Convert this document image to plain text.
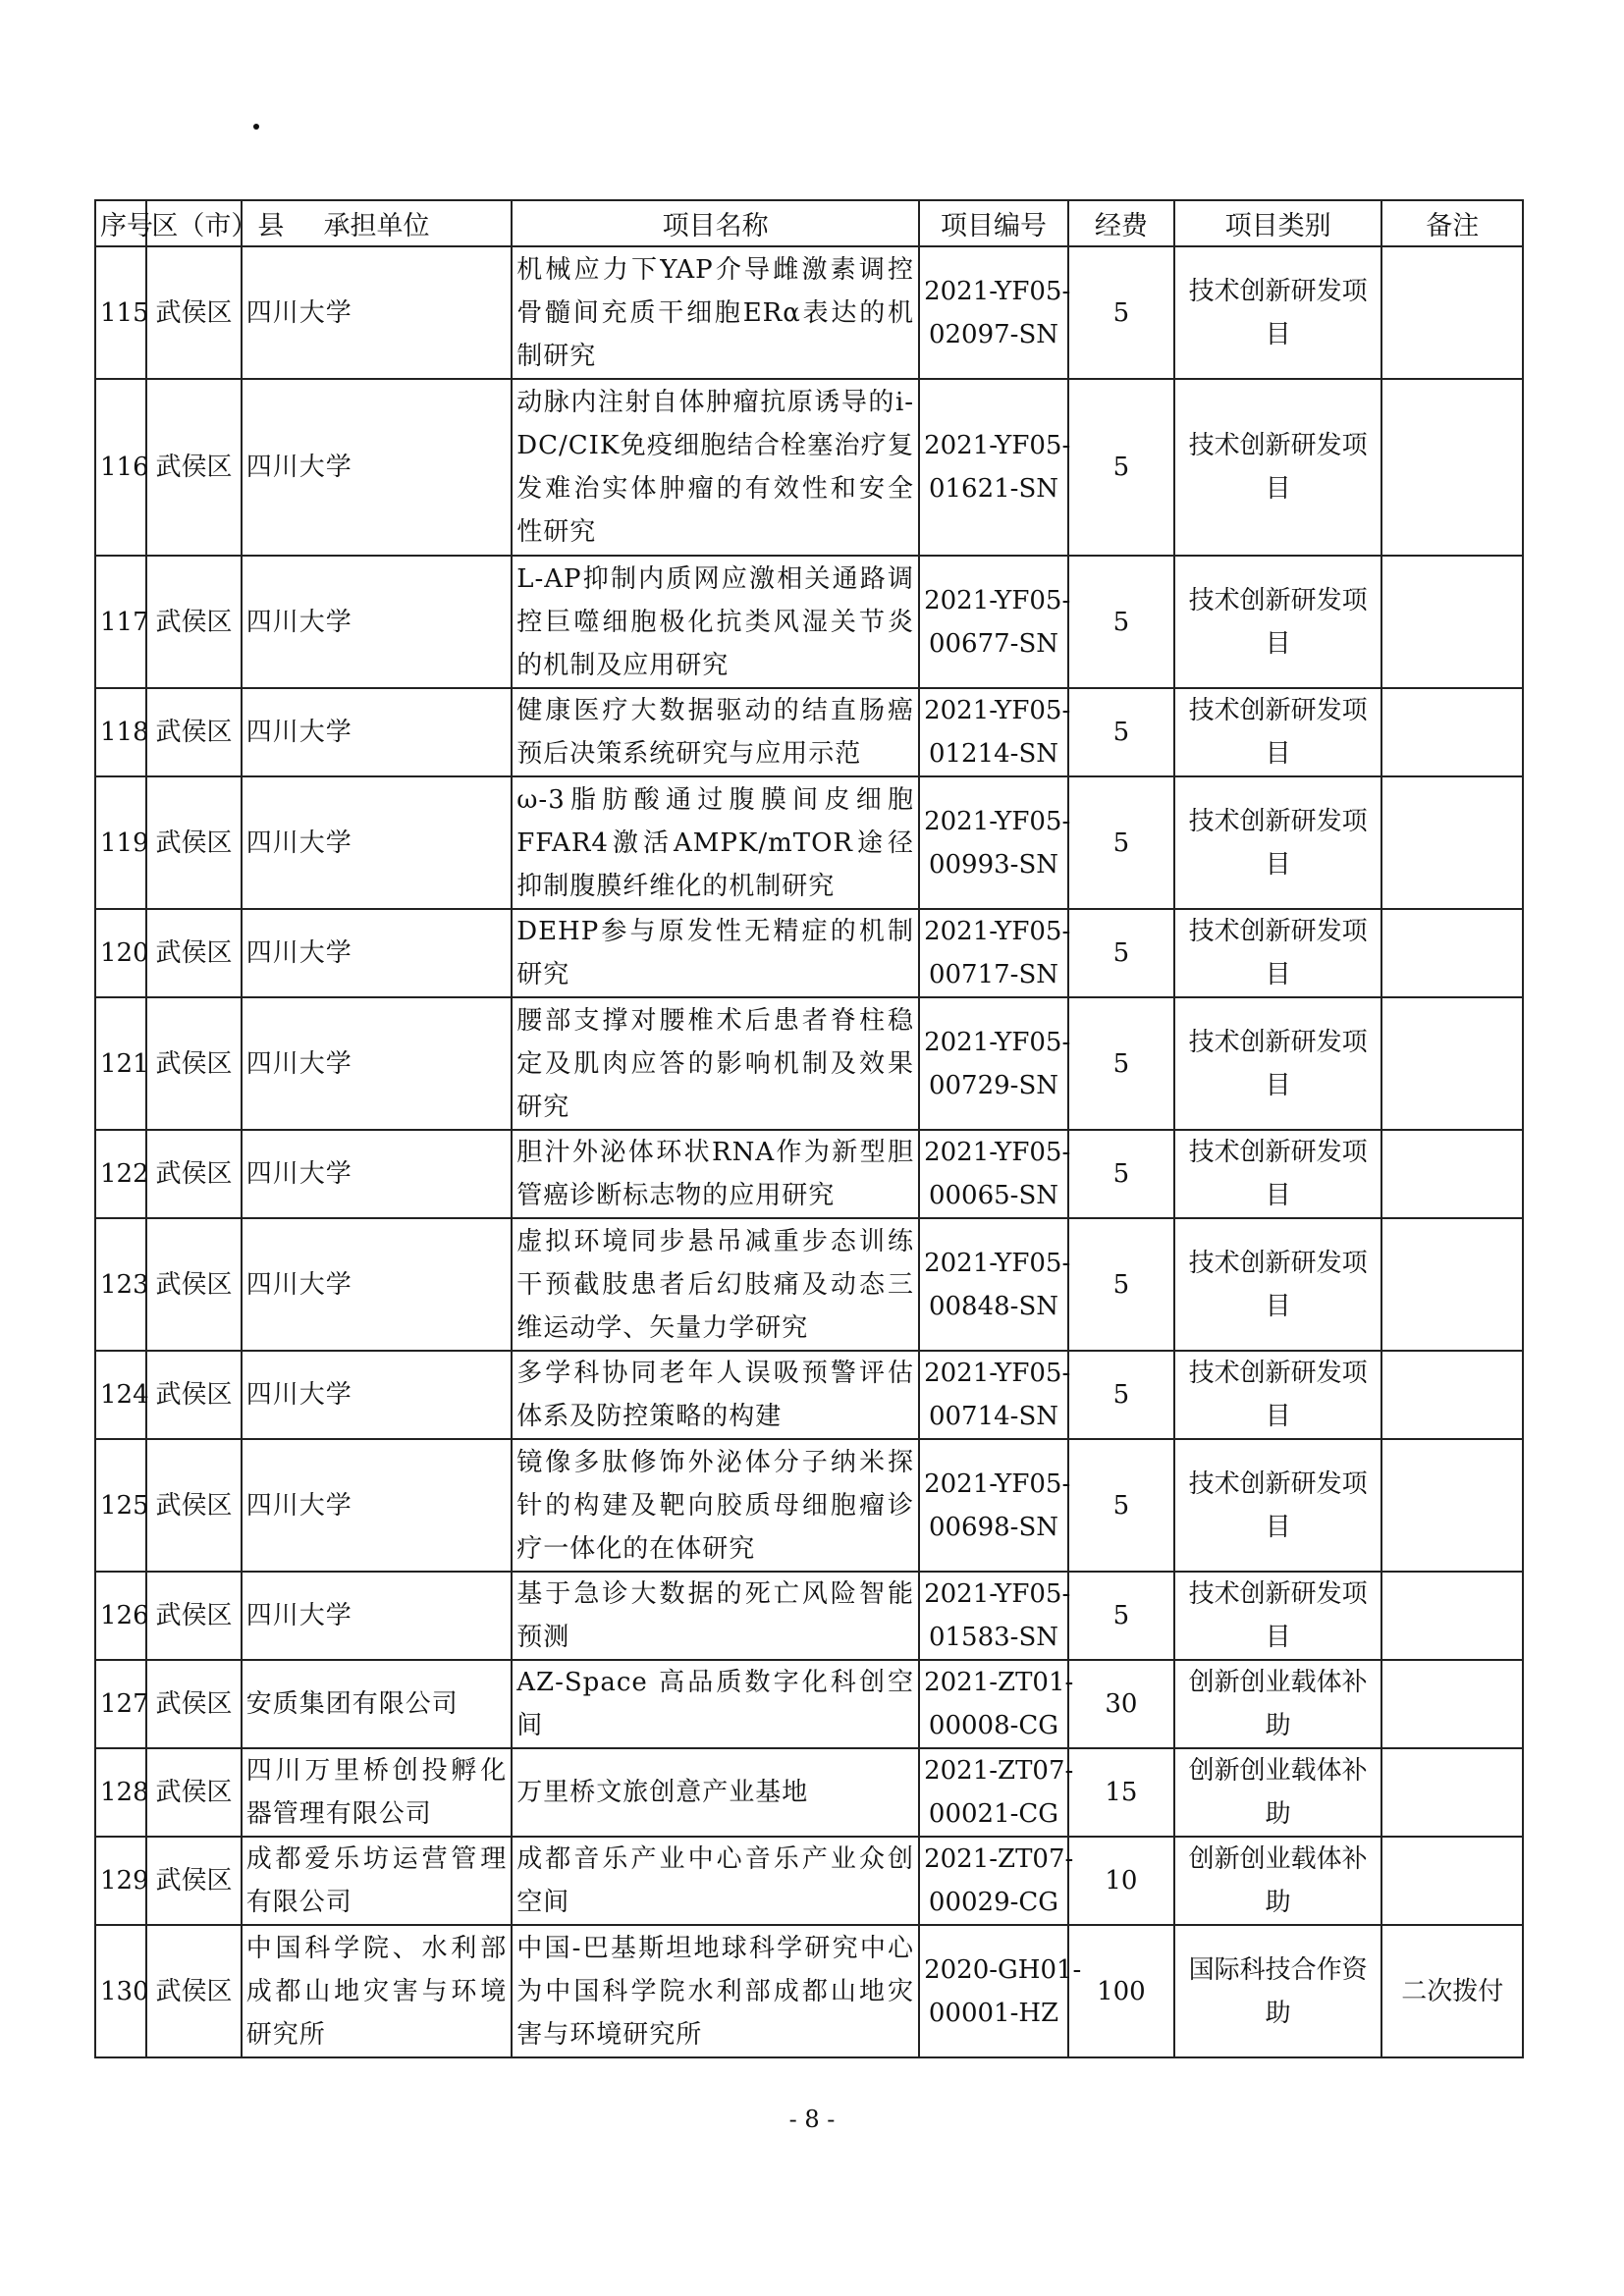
序号	区（市）县	承担单位	项目名称	项目编号	经费	项目类别	备注
115	武侯区	四川大学	机械应力下YAP介导雌激素调控骨髓间充质干细胞ERα表达的机制研究	2021-YF05-
02097-SN	5	技术创新研发项目	
116	武侯区	四川大学	动脉内注射自体肿瘤抗原诱导的i-DC/CIK免疫细胞结合栓塞治疗复发难治实体肿瘤的有效性和安全性研究	2021-YF05-
01621-SN	5	技术创新研发项目	
117	武侯区	四川大学	L-AP抑制内质网应激相关通路调控巨噬细胞极化抗类风湿关节炎的机制及应用研究	2021-YF05-
00677-SN	5	技术创新研发项目	
118	武侯区	四川大学	健康医疗大数据驱动的结直肠癌预后决策系统研究与应用示范	2021-YF05-
01214-SN	5	技术创新研发项目	
119	武侯区	四川大学	ω-3脂肪酸通过腹膜间皮细胞FFAR4激活AMPK/mTOR途径抑制腹膜纤维化的机制研究	2021-YF05-
00993-SN	5	技术创新研发项目	
120	武侯区	四川大学	DEHP参与原发性无精症的机制研究	2021-YF05-
00717-SN	5	技术创新研发项目	
121	武侯区	四川大学	腰部支撑对腰椎术后患者脊柱稳定及肌肉应答的影响机制及效果研究	2021-YF05-
00729-SN	5	技术创新研发项目	
122	武侯区	四川大学	胆汁外泌体环状RNA作为新型胆管癌诊断标志物的应用研究	2021-YF05-
00065-SN	5	技术创新研发项目	
123	武侯区	四川大学	虚拟环境同步悬吊减重步态训练干预截肢患者后幻肢痛及动态三维运动学、矢量力学研究	2021-YF05-
00848-SN	5	技术创新研发项目	
124	武侯区	四川大学	多学科协同老年人误吸预警评估体系及防控策略的构建	2021-YF05-
00714-SN	5	技术创新研发项目	
125	武侯区	四川大学	镜像多肽修饰外泌体分子纳米探针的构建及靶向胶质母细胞瘤诊疗一体化的在体研究	2021-YF05-
00698-SN	5	技术创新研发项目	
126	武侯区	四川大学	基于急诊大数据的死亡风险智能预测	2021-YF05-
01583-SN	5	技术创新研发项目	
127	武侯区	安质集团有限公司	AZ-Space 高品质数字化科创空间	2021-ZT01-
00008-CG	30	创新创业载体补助	
128	武侯区	四川万里桥创投孵化器管理有限公司	万里桥文旅创意产业基地	2021-ZT07-
00021-CG	15	创新创业载体补助	
129	武侯区	成都爱乐坊运营管理有限公司	成都音乐产业中心音乐产业众创空间	2021-ZT07-
00029-CG	10	创新创业载体补助	
130	武侯区	中国科学院、水利部成都山地灾害与环境研究所	中国-巴基斯坦地球科学研究中心为中国科学院水利部成都山地灾害与环境研究所	2020-GH01-
00001-HZ	100	国际科技合作资助	二次拨付
- 8 -
